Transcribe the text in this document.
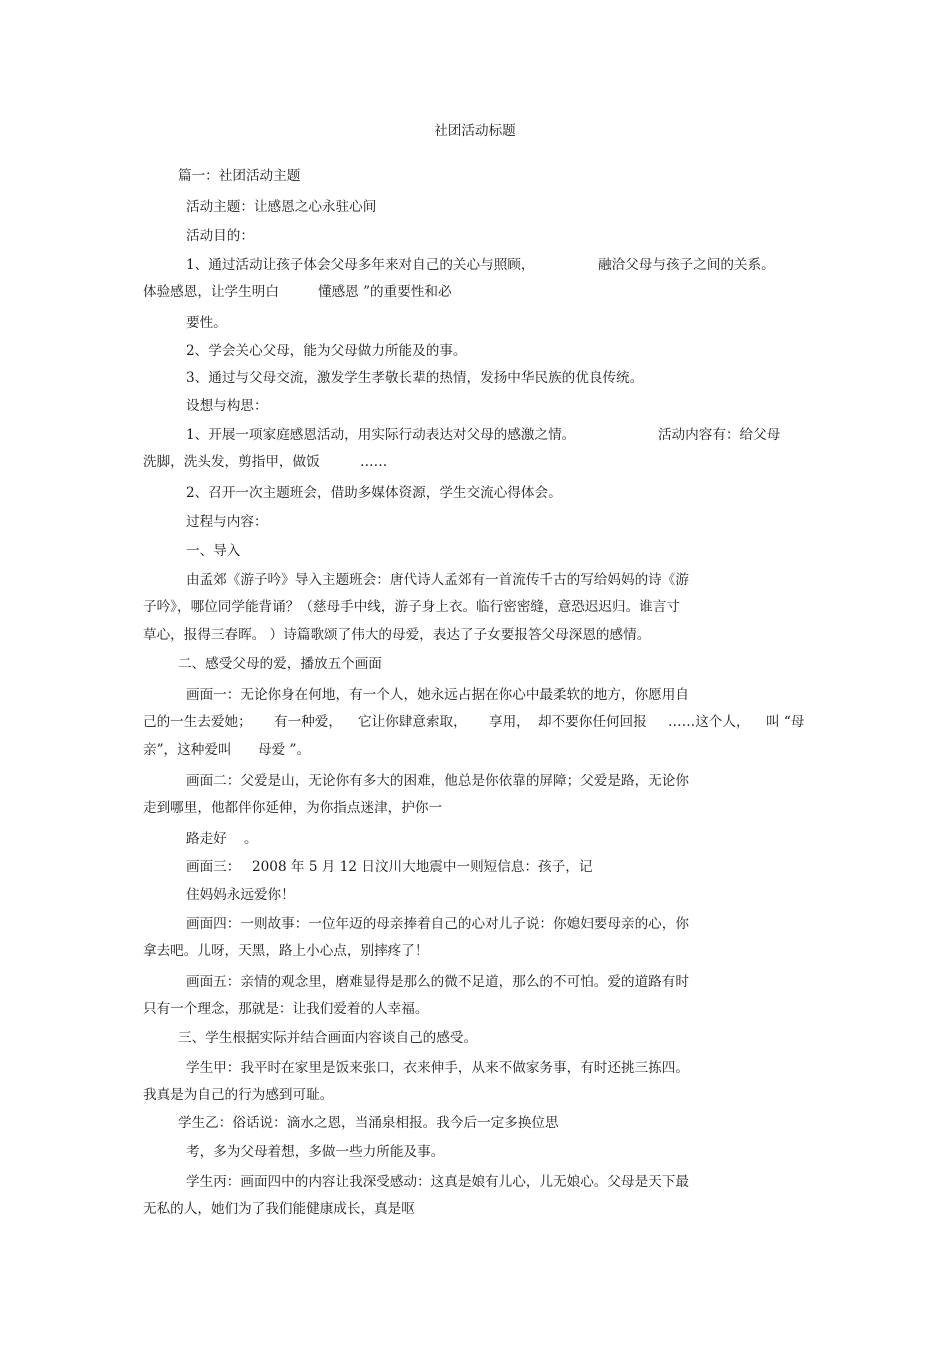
社团活动标题
篇一：社团活动主题
活动主题：让感恩之心永驻心间
活动目的：
1、通过活动让孩子体会父母多年来对自己的关心与照顾，	融洽父母与孩子之间的关系。
体验感恩，让学生明白	懂感恩 ”的重要性和必
要性。
2、学会关心父母，能为父母做力所能及的事。
3、通过与父母交流，激发学生孝敬长辈的热情，发扬中华民族的优良传统。
设想与构思：
1、开展一项家庭感恩活动，用实际行动表达对父母的感激之情。	活动内容有：给父母
洗脚，洗头发，剪指甲，做饭	……
2、召开一次主题班会，借助多媒体资源，学生交流心得体会。
过程与内容：
一、导入
由孟郊《游子吟》导入主题班会：唐代诗人孟郊有一首流传千古的写给妈妈的诗《游
子吟》，哪位同学能背诵？（慈母手中线，游子身上衣。临行密密缝，意恐迟迟归。谁言寸
草心，报得三春晖。 ）诗篇歌颂了伟大的母爱，表达了子女要报答父母深恩的感情。
二、感受父母的爱，播放五个画面
画面一：无论你身在何地，有一个人，她永远占据在你心中最柔软的地方，你愿用自
己的一生去爱她； 有一种爱， 它让你肆意索取， 享用， 却不要你任何回报 ……这个人， 叫 “母
亲”，这种爱叫 母爱 ”。
画面二：父爱是山，无论你有多大的困难，他总是你依靠的屏障；父爱是路，无论你
走到哪里，他都伴你延伸，为你指点迷津，护你一
路走好 。
画面三： 2008 年 5 月 12 日汶川大地震中一则短信息：孩子，记
住妈妈永远爱你！
画面四：一则故事：一位年迈的母亲捧着自己的心对儿子说：你媳妇要母亲的心，你
拿去吧。儿呀，天黑，路上小心点，别摔疼了！
画面五：亲情的观念里，磨难显得是那么的微不足道，那么的不可怕。爱的道路有时
只有一个理念，那就是：让我们爱着的人幸福。
三、学生根据实际并结合画面内容谈自己的感受。
学生甲：我平时在家里是饭来张口，衣来伸手，从来不做家务事，有时还挑三拣四。
我真是为自己的行为感到可耻。
学生乙：俗话说：滴水之恩，当涌泉相报。我今后一定多换位思
考，多为父母着想，多做一些力所能及事。
学生丙：画面四中的内容让我深受感动：这真是娘有儿心，儿无娘心。父母是天下最
无私的人，她们为了我们能健康成长，真是呕
